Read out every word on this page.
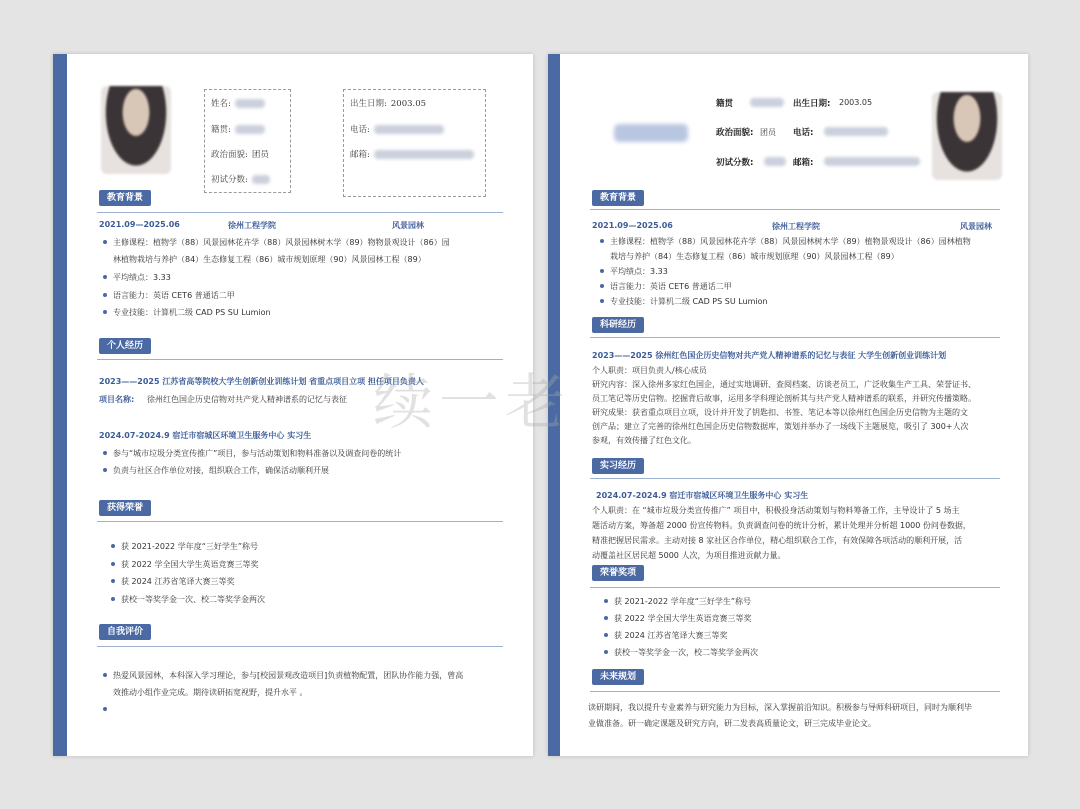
姓名:
籍贯:
政治面貌: 团员
初试分数:
出生日期: 2003.05
电话:
邮箱:
教育背景
2021.09—2025.06	徐州工程学院	风景园林
主修课程：植物学（88）风景园林花卉学（88）风景园林树木学（89）物物景观设计（86）园
林植物栽培与养护（84）生态修复工程（86）城市规划原理（90）风景园林工程（89）
平均绩点：3.33
语言能力：英语 CET6 普通话二甲
专业技能：计算机二级 CAD PS SU Lumion
个人经历
2023——2025 江苏省高等院校大学生创新创业训练计划 省重点项目立项 担任项目负责人
项目名称: 徐州红色国企历史信物对共产党人精神谱系的记忆与表征
2024.07-2024.9 宿迁市宿城区环境卫生服务中心 实习生
参与“城市垃圾分类宣传推广”项目，参与活动策划和物料准备以及调查问卷的统计
负责与社区合作单位对接，组织联合工作，确保活动顺利开展
获得荣誉
获 2021-2022 学年度“三好学生”称号
获 2022 学全国大学生英语竞赛三等奖
获 2024 江苏省笔译大赛三等奖
获校一等奖学金一次、校二等奖学金两次
自我评价
热爱风景园林，本科深入学习理论，参与[校园景观改造项目]负责植物配置，团队协作能力强，曾高
效推动小组作业完成。期待读研拓宽视野，提升水平 。
籍贯	出生日期: 2003.05
政治面貌: 团员 电话:
初试分数:	邮箱:
教育背景
2021.09—2025.06	徐州工程学院	风景园林
主修课程：植物学（88）风景园林花卉学（88）风景园林树木学（89）植物景观设计（86）园林植物
栽培与养护（84）生态修复工程（86）城市规划原理（90）风景园林工程（89）
平均绩点：3.33
语言能力：英语 CET6 普通话二甲
专业技能：计算机二级 CAD PS SU Lumion
科研经历
2023——2025 徐州红色国企历史信物对共产党人精神谱系的记忆与表征 大学生创新创业训练计划
个人职责：项目负责人/核心成员
研究内容：深入徐州多家红色国企，通过实地调研、查阅档案、访谈老员工，广泛收集生产工具、荣誉证书、
员工笔记等历史信物。挖掘背后故事，运用多学科理论剖析其与共产党人精神谱系的联系，并研究传播策略。
研究成果：获省重点项目立项，设计并开发了钥匙扣、书签、笔记本等以徐州红色国企历史信物为主题的文
创产品；建立了完善的徐州红色国企历史信物数据库，策划并举办了一场线下主题展览，吸引了 300+人次
参观，有效传播了红色文化。
实习经历
2024.07-2024.9 宿迁市宿城区环境卫生服务中心 实习生
个人职责：在 “城市垃圾分类宣传推广” 项目中，积极投身活动策划与物料筹备工作，主导设计了 5 场主
题活动方案，筹备超 2000 份宣传物料。负责调查问卷的统计分析，累计处理并分析超 1000 份问卷数据，
精准把握居民需求。主动对接 8 家社区合作单位，精心组织联合工作，有效保障各项活动的顺利开展，活
动覆盖社区居民超 5000 人次，为项目推进贡献力量。
荣誉奖项
获 2021-2022 学年度“三好学生”称号
获 2022 学全国大学生英语竞赛三等奖
获 2024 江苏省笔译大赛三等奖
获校一等奖学金一次，校二等奖学金两次
未来规划
读研期间，我以提升专业素养与研究能力为目标，深入掌握前沿知识。积极参与导师科研项目，同时为顺利毕
业做准备。研一确定课题及研究方向，研二发表高质量论文，研三完成毕业论文。
续一老
